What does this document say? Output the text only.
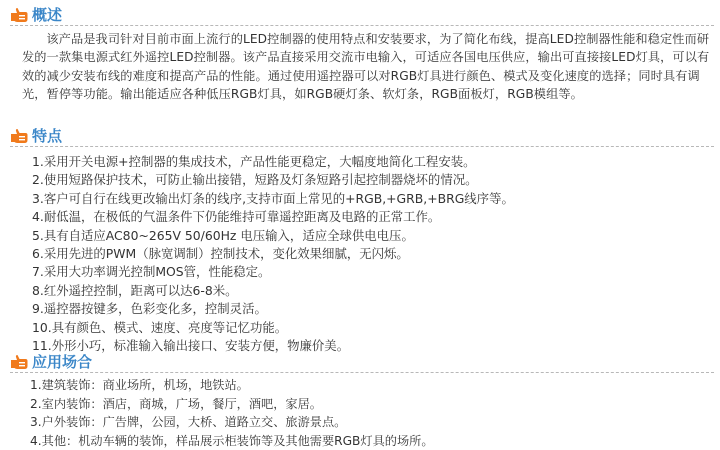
概述
该产品是我司针对目前市面上流行的LED控制器的使用特点和安装要求，为了简化布线，提高LED控制器性能和稳定性而研发的一款集电源式红外遥控LED控制器。该产品直接采用交流市电输入，可适应各国电压供应，输出可直接接LED灯具，可以有效的减少安装布线的难度和提高产品的性能。通过使用遥控器可以对RGB灯具进行颜色、模式及变化速度的选择；同时具有调光，暂停等功能。输出能适应各种低压RGB灯具，如RGB硬灯条、软灯条，RGB面板灯，RGB模组等。
特点
1.采用开关电源+控制器的集成技术，产品性能更稳定，大幅度地简化工程安装。
2.使用短路保护技术，可防止输出接错，短路及灯条短路引起控制器烧坏的情况。
3.客户可自行在线更改输出灯条的线序,支持市面上常见的+RGB,+GRB,+BRG线序等。
4.耐低温，在极低的气温条件下仍能维持可靠遥控距离及电路的正常工作。
5.具有自适应AC80~265V 50/60Hz 电压输入，适应全球供电电压。
6.采用先进的PWM（脉宽调制）控制技术，变化效果细腻，无闪烁。
7.采用大功率调光控制MOS管，性能稳定。
8.红外遥控控制，距离可以达6-8米。
9.遥控器按键多，色彩变化多，控制灵活。
10.具有颜色、模式、速度、亮度等记忆功能。
11.外形小巧，标准输入输出接口、安装方便，物廉价美。
应用场合
1.建筑装饰：商业场所，机场，地铁站。
2.室内装饰：酒店，商城，广场，餐厅，酒吧，家居。
3.户外装饰：广告牌，公园，大桥、道路立交、旅游景点。
4.其他：机动车辆的装饰，样品展示柜装饰等及其他需要RGB灯具的场所。
